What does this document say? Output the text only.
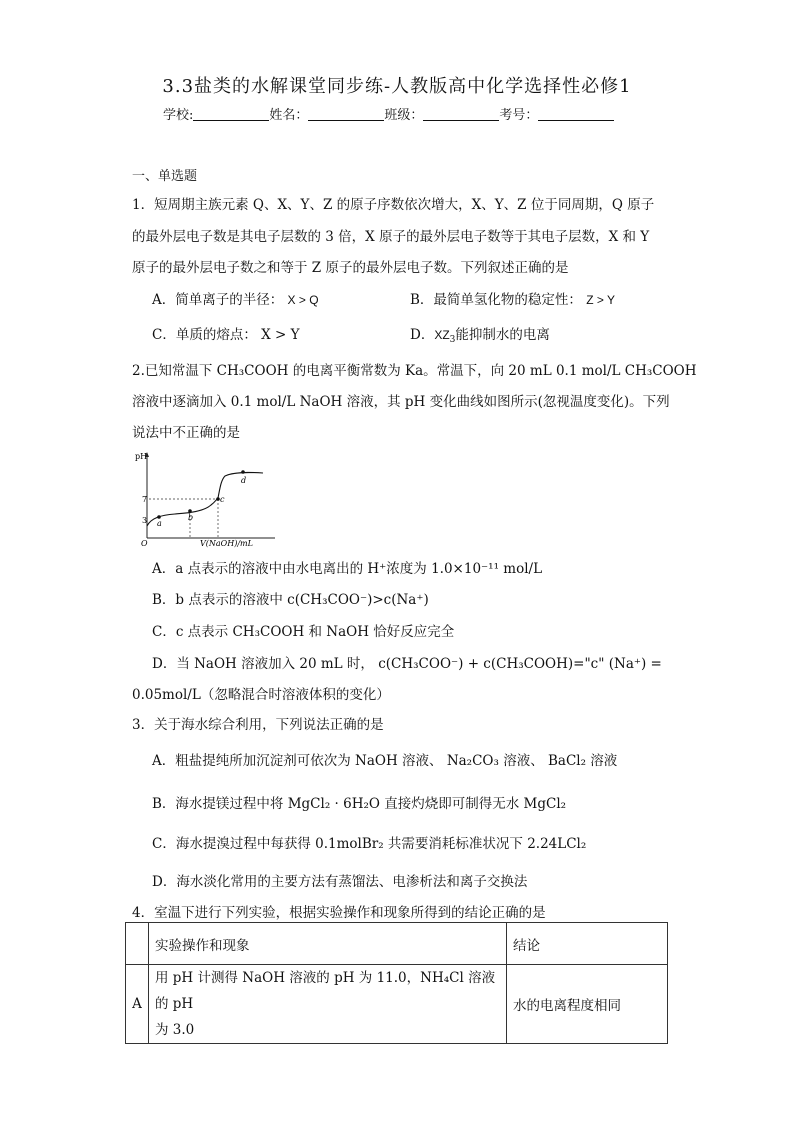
3.3盐类的水解课堂同步练-人教版高中化学选择性必修1
学校:	姓名：	班级：	考号：
一、单选题
1．短周期主族元素 Q、X、Y、Z 的原子序数依次增大，X、Y、Z 位于同周期，Q 原子
的最外层电子数是其电子层数的 3 倍，X 原子的最外层电子数等于其电子层数，X 和 Y
原子的最外层电子数之和等于 Z 原子的最外层电子数。下列叙述正确的是
A．简单离子的半径： X > Q	B．最简单氢化物的稳定性： Z > Y
C．单质的熔点： X > Y	D．$XZ_3$能抑制水的电离
2.已知常温下 CH₃COOH 的电离平衡常数为 Ka。常温下，向 20 mL 0.1 mol/L CH₃COOH
溶液中逐滴加入 0.1 mol/L NaOH 溶液，其 pH 变化曲线如图所示(忽视温度变化)。下列
说法中不正确的是
pH
V(NaOH)/mL
O
3
7
a
b
c
d
A．a 点表示的溶液中由水电离出的 H⁺浓度为 1.0×10⁻¹¹ mol/L
B．b 点表示的溶液中 c(CH₃COO⁻)>c(Na⁺)
C．c 点表示 CH₃COOH 和 NaOH 恰好反应完全
D．当 NaOH 溶液加入 20 mL 时， c(CH₃COO⁻) + c(CH₃COOH)="c" (Na⁺) =
0.05mol/L（忽略混合时溶液体积的变化）
3．关于海水综合利用，下列说法正确的是
A．粗盐提纯所加沉淀剂可依次为 NaOH 溶液、 Na₂CO₃ 溶液、 BaCl₂ 溶液
B．海水提镁过程中将 MgCl₂ · 6H₂O 直接灼烧即可制得无水 MgCl₂
C．海水提溴过程中每获得 0.1molBr₂ 共需要消耗标准状况下 2.24LCl₂
D．海水淡化常用的主要方法有蒸馏法、电渗析法和离子交换法
4．室温下进行下列实验，根据实验操作和现象所得到的结论正确的是
	实验操作和现象	结论
A	用 pH 计测得 NaOH 溶液的 pH 为 11.0，NH₄Cl 溶液的 pH
为 3.0	水的电离程度相同
